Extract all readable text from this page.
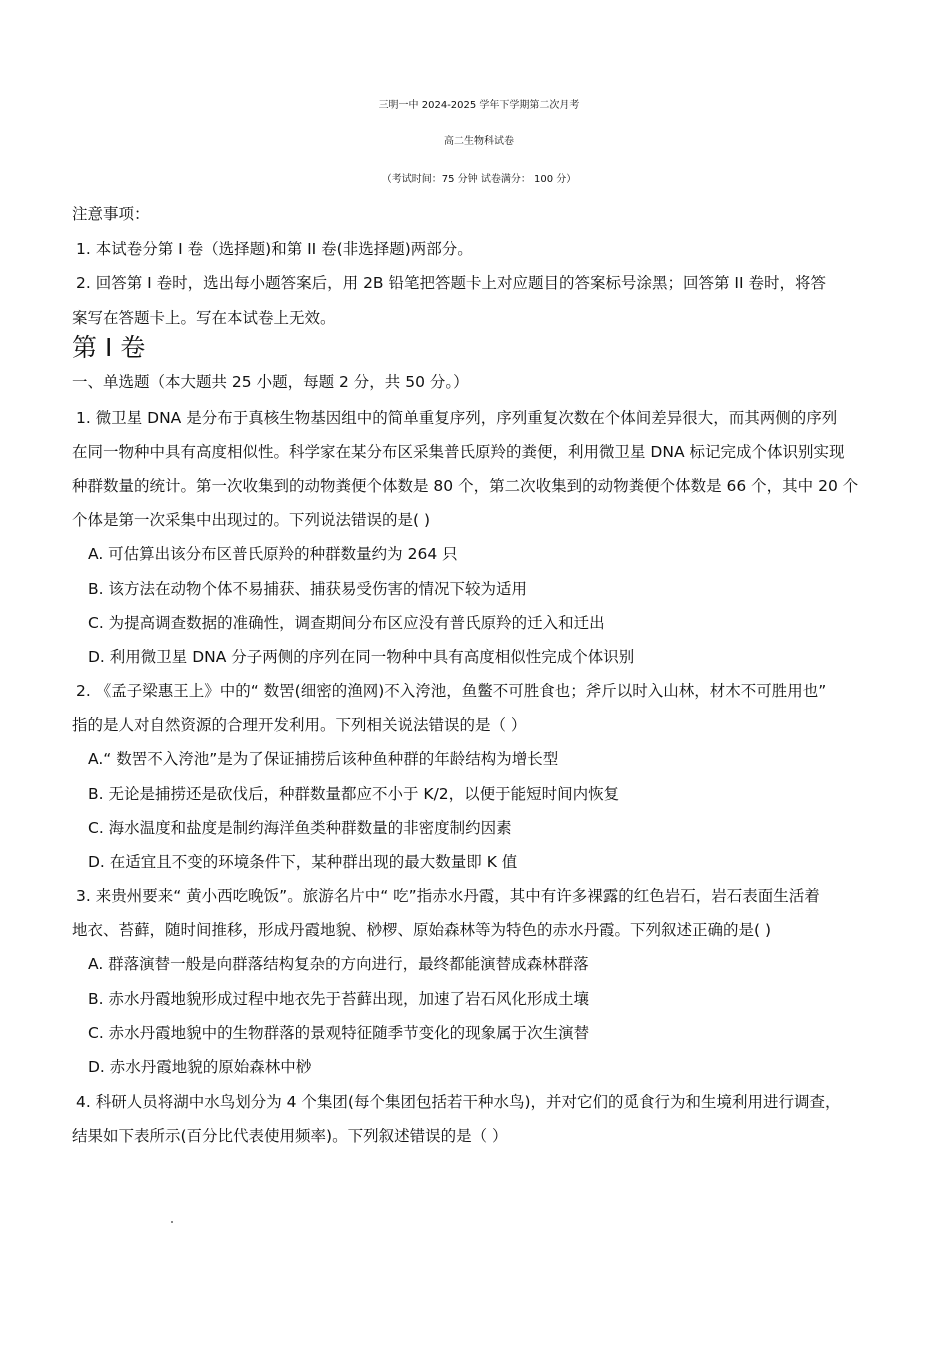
三明一中 2024-2025 学年下学期第二次月考
高二生物科试卷
（考试时间：75 分钟 试卷满分： 100 分）
注意事项：
1. 本试卷分第 I 卷（选择题)和第 II 卷(非选择题)两部分。
2. 回答第 I 卷时，选出每小题答案后，用 2B 铅笔把答题卡上对应题目的答案标号涂黑；回答第 II 卷时，将答
案写在答题卡上。写在本试卷上无效。
第 I 卷
一、单选题（本大题共 25 小题，每题 2 分，共 50 分。）
1. 微卫星 DNA 是分布于真核生物基因组中的简单重复序列，序列重复次数在个体间差异很大，而其两侧的序列
在同一物种中具有高度相似性。科学家在某分布区采集普氏原羚的粪便，利用微卫星 DNA 标记完成个体识别实现
种群数量的统计。第一次收集到的动物粪便个体数是 80 个，第二次收集到的动物粪便个体数是 66 个，其中 20 个
个体是第一次采集中出现过的。下列说法错误的是( )
A. 可估算出该分布区普氏原羚的种群数量约为 264 只
B. 该方法在动物个体不易捕获、捕获易受伤害的情况下较为适用
C. 为提高调查数据的准确性，调查期间分布区应没有普氏原羚的迁入和迁出
D. 利用微卫星 DNA 分子两侧的序列在同一物种中具有高度相似性完成个体识别
2. 《孟子梁惠王上》中的“ 数罟(细密的渔网)不入洿池，鱼鳖不可胜食也；斧斤以时入山林，材木不可胜用也”
指的是人对自然资源的合理开发利用。下列相关说法错误的是（ ）
A.“ 数罟不入洿池”是为了保证捕捞后该种鱼种群的年龄结构为增长型
B. 无论是捕捞还是砍伐后，种群数量都应不小于 K/2，以便于能短时间内恢复
C. 海水温度和盐度是制约海洋鱼类种群数量的非密度制约因素
D. 在适宜且不变的环境条件下，某种群出现的最大数量即 K 值
3. 来贵州要来“ 黄小西吃晚饭”。旅游名片中“ 吃”指赤水丹霞，其中有许多裸露的红色岩石，岩石表面生活着
地衣、苔藓，随时间推移，形成丹霞地貌、桫椤、原始森林等为特色的赤水丹霞。下列叙述正确的是( )
A. 群落演替一般是向群落结构复杂的方向进行，最终都能演替成森林群落
B. 赤水丹霞地貌形成过程中地衣先于苔藓出现，加速了岩石风化形成土壤
C. 赤水丹霞地貌中的生物群落的景观特征随季节变化的现象属于次生演替
D. 赤水丹霞地貌的原始森林中桫
4. 科研人员将湖中水鸟划分为 4 个集团(每个集团包括若干种水鸟)，并对它们的觅食行为和生境利用进行调查，
结果如下表所示(百分比代表使用频率)。下列叙述错误的是（ ）
